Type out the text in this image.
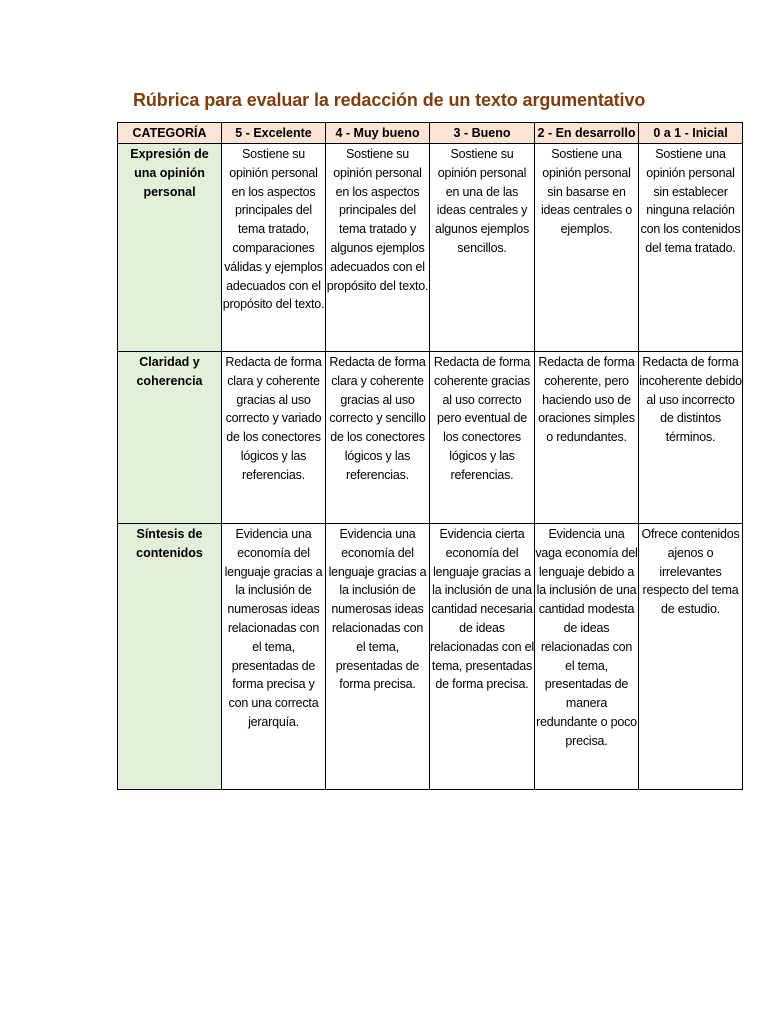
Rúbrica para evaluar la redacción de un texto argumentativo
CATEGORÍA	5 - Excelente	4 - Muy bueno	3 - Bueno	2 - En desarrollo	0 a 1 - Inicial
Expresión de una opinión personal	Sostiene su opinión personal en los aspectos principales del tema tratado, comparaciones válidas y ejemplos adecuados con el propósito del texto.	Sostiene su opinión personal en los aspectos principales del tema tratado y algunos ejemplos adecuados con el propósito del texto.	Sostiene su opinión personal en una de las ideas centrales y algunos ejemplos sencillos.	Sostiene una opinión personal sin basarse en ideas centrales o ejemplos.	Sostiene una opinión personal sin establecer ninguna relación con los contenidos del tema tratado.
Claridad y coherencia	Redacta de forma clara y coherente gracias al uso correcto y variado de los conectores lógicos y las referencias.	Redacta de forma clara y coherente gracias al uso correcto y sencillo de los conectores lógicos y las referencias.	Redacta de forma coherente gracias al uso correcto pero eventual de los conectores lógicos y las referencias.	Redacta de forma coherente, pero haciendo uso de oraciones simples o redundantes.	Redacta de forma incoherente debido al uso incorrecto de distintos términos.
Síntesis de contenidos	Evidencia una economía del lenguaje gracias a la inclusión de numerosas ideas relacionadas con el tema, presentadas de forma precisa y con una correcta jerarquía.	Evidencia una economía del lenguaje gracias a la inclusión de numerosas ideas relacionadas con el tema, presentadas de forma precisa.	Evidencia cierta economía del lenguaje gracias a la inclusión de una cantidad necesaria de ideas relacionadas con el tema, presentadas de forma precisa.	Evidencia una vaga economía del lenguaje debido a la inclusión de una cantidad modesta de ideas relacionadas con el tema, presentadas de manera redundante o poco precisa.	Ofrece contenidos ajenos o irrelevantes respecto del tema de estudio.
